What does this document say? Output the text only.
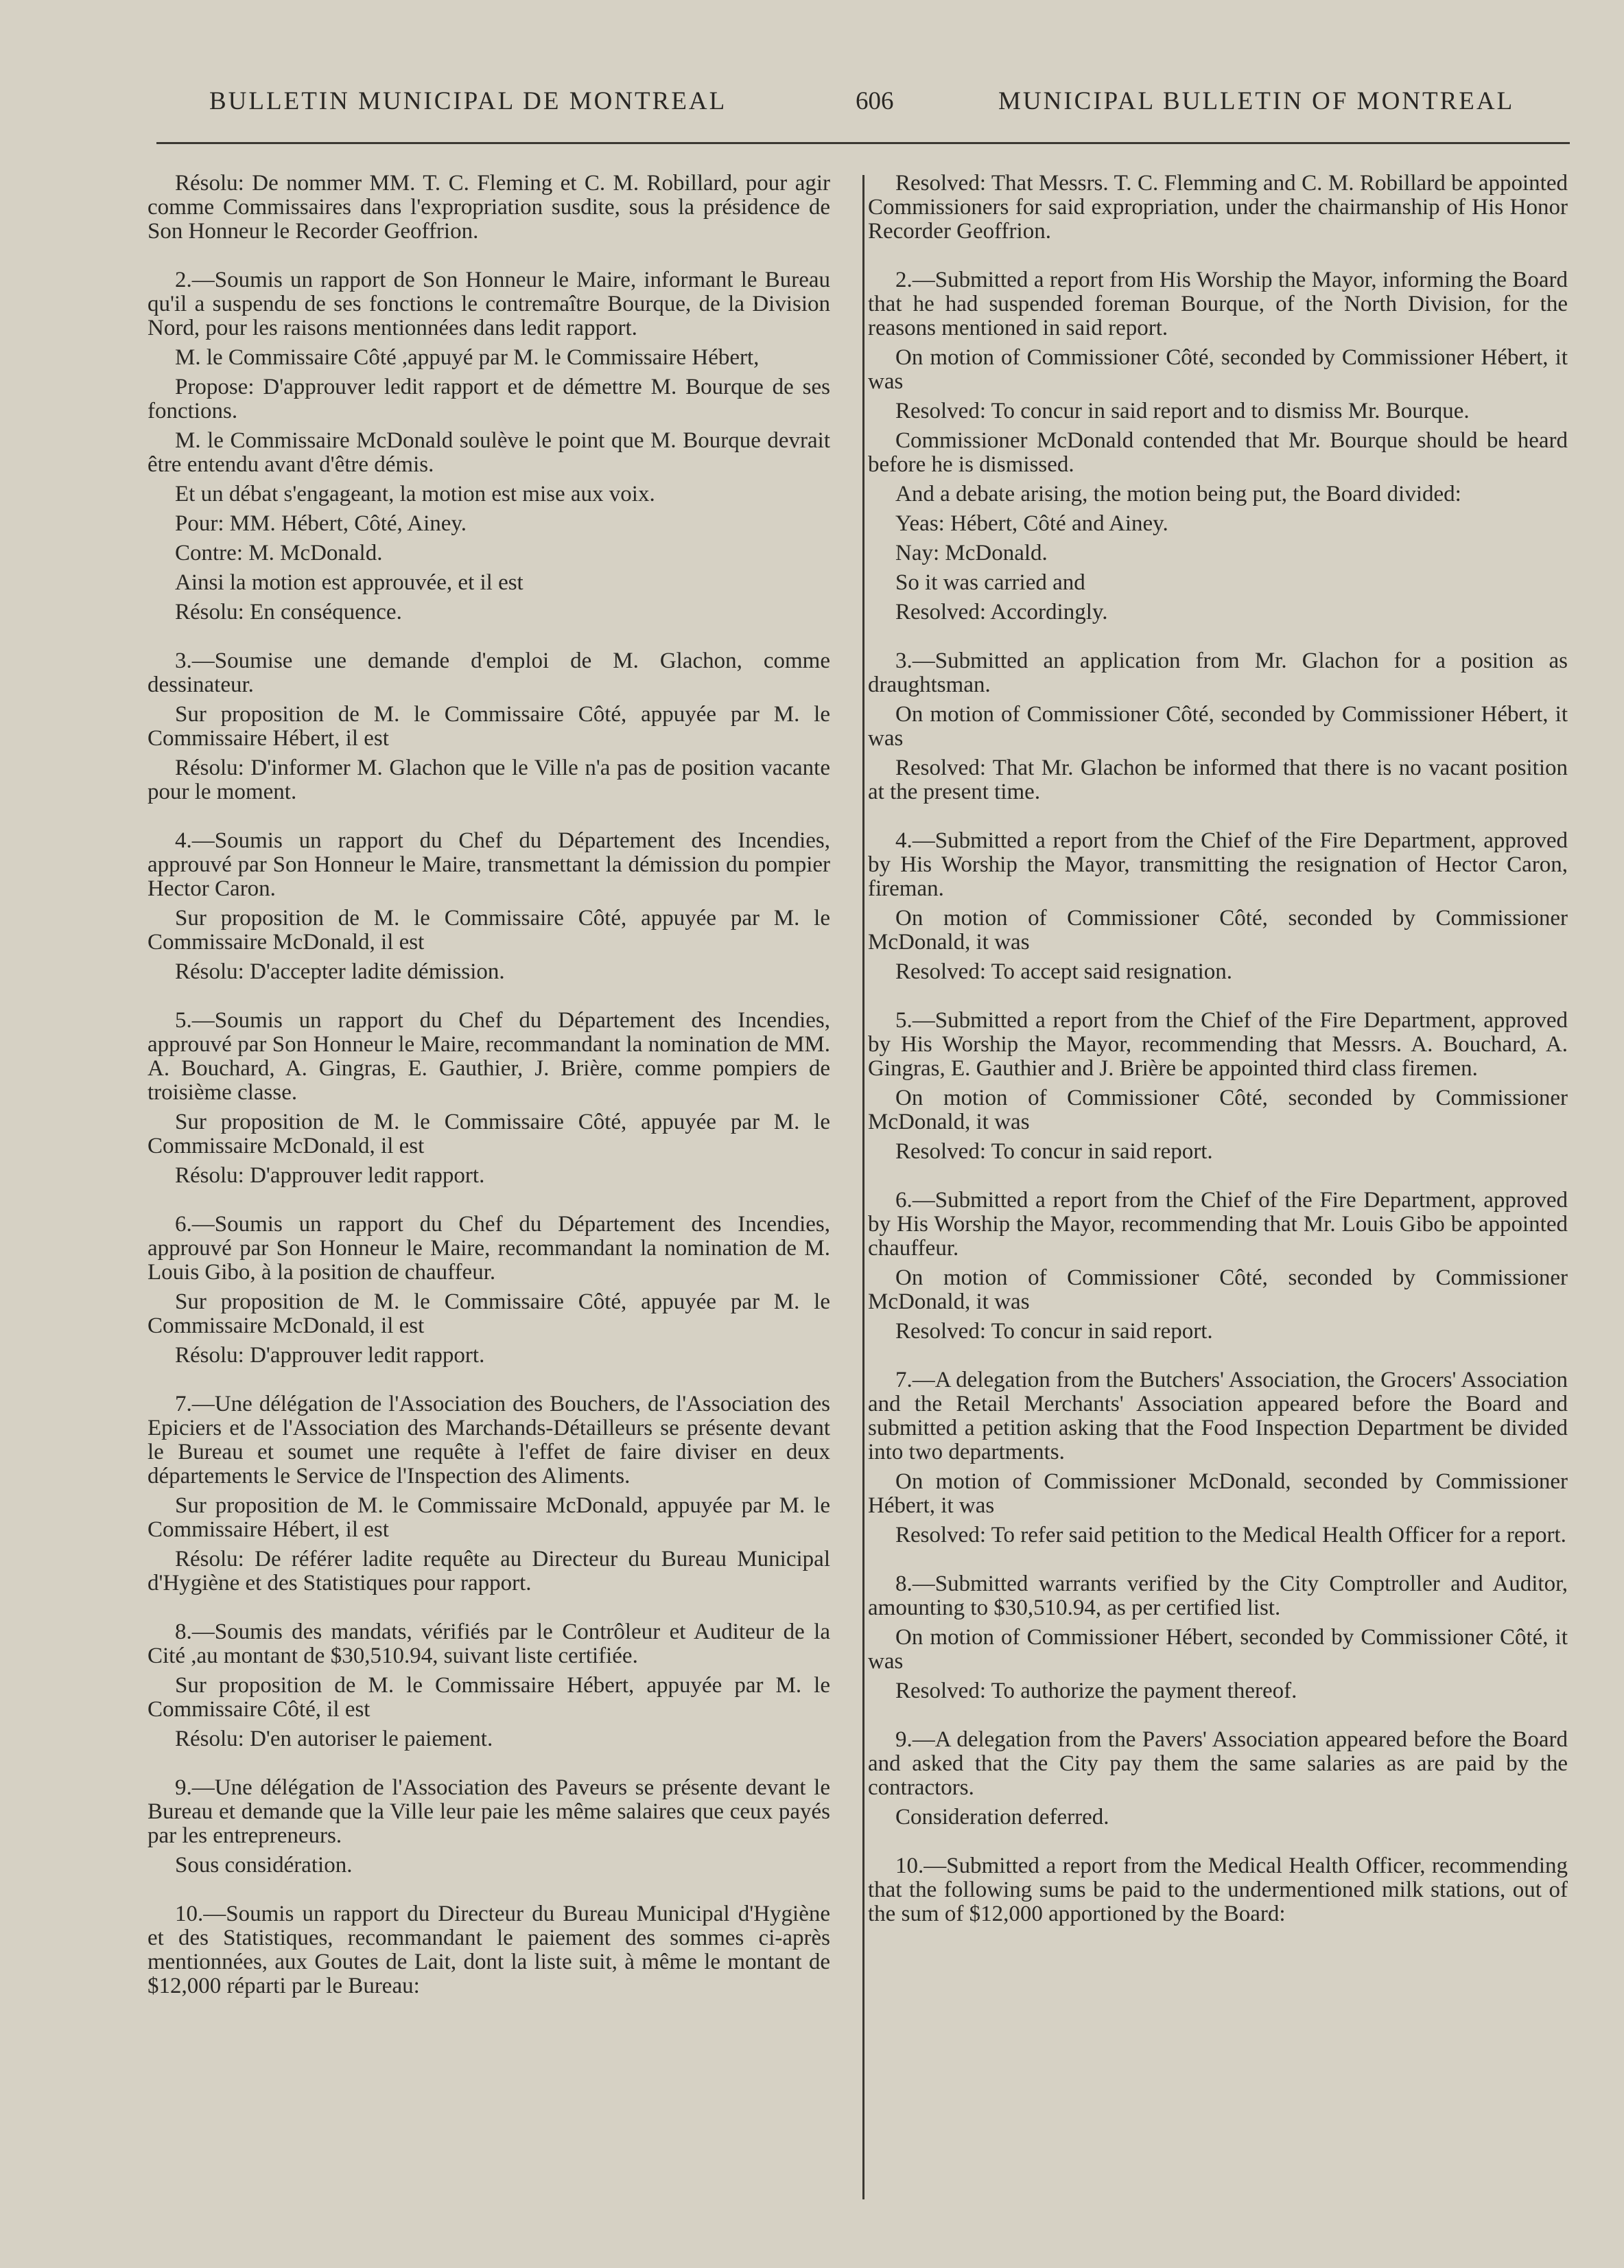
BULLETIN MUNICIPAL DE MONTREAL	606	MUNICIPAL BULLETIN OF MONTREAL

Résolu: De nommer MM. T. C. Fleming et C. M. Robillard, pour agir comme Commissaires dans l'expropriation susdite, sous la présidence de Son Honneur le Recorder Geoffrion.

2.—Soumis un rapport de Son Honneur le Maire, informant le Bureau qu'il a suspendu de ses fonctions le contremaître Bourque, de la Division Nord, pour les raisons mentionnées dans ledit rapport.

M. le Commissaire Côté ,appuyé par M. le Commissaire Hébert,

Propose: D'approuver ledit rapport et de démettre M. Bourque de ses fonctions.

M. le Commissaire McDonald soulève le point que M. Bourque devrait être entendu avant d'être démis.

Et un débat s'engageant, la motion est mise aux voix.

Pour: MM. Hébert, Côté, Ainey.

Contre: M. McDonald.

Ainsi la motion est approuvée, et il est

Résolu: En conséquence.

3.—Soumise une demande d'emploi de M. Glachon, comme dessinateur.

Sur proposition de M. le Commissaire Côté, appuyée par M. le Commissaire Hébert, il est

Résolu: D'informer M. Glachon que le Ville n'a pas de position vacante pour le moment.

4.—Soumis un rapport du Chef du Département des Incendies, approuvé par Son Honneur le Maire, transmettant la démission du pompier Hector Caron.

Sur proposition de M. le Commissaire Côté, appuyée par M. le Commissaire McDonald, il est

Résolu: D'accepter ladite démission.

5.—Soumis un rapport du Chef du Département des Incendies, approuvé par Son Honneur le Maire, recommandant la nomination de MM. A. Bouchard, A. Gingras, E. Gauthier, J. Brière, comme pompiers de troisième classe.

Sur proposition de M. le Commissaire Côté, appuyée par M. le Commissaire McDonald, il est

Résolu: D'approuver ledit rapport.

6.—Soumis un rapport du Chef du Département des Incendies, approuvé par Son Honneur le Maire, recommandant la nomination de M. Louis Gibo, à la position de chauffeur.

Sur proposition de M. le Commissaire Côté, appuyée par M. le Commissaire McDonald, il est

Résolu: D'approuver ledit rapport.

7.—Une délégation de l'Association des Bouchers, de l'Association des Epiciers et de l'Association des Marchands-Détailleurs se présente devant le Bureau et soumet une requête à l'effet de faire diviser en deux départements le Service de l'Inspection des Aliments.

Sur proposition de M. le Commissaire McDonald, appuyée par M. le Commissaire Hébert, il est

Résolu: De référer ladite requête au Directeur du Bureau Municipal d'Hygiène et des Statistiques pour rapport.

8.—Soumis des mandats, vérifiés par le Contrôleur et Auditeur de la Cité ,au montant de $30,510.94, suivant liste certifiée.

Sur proposition de M. le Commissaire Hébert, appuyée par M. le Commissaire Côté, il est

Résolu: D'en autoriser le paiement.

9.—Une délégation de l'Association des Paveurs se présente devant le Bureau et demande que la Ville leur paie les même salaires que ceux payés par les entrepreneurs.

Sous considération.

10.—Soumis un rapport du Directeur du Bureau Municipal d'Hygiène et des Statistiques, recommandant le paiement des sommes ci-après mentionnées, aux Goutes de Lait, dont la liste suit, à même le montant de $12,000 réparti par le Bureau:

Resolved: That Messrs. T. C. Flemming and C. M. Robillard be appointed Commissioners for said expropriation, under the chairmanship of His Honor Recorder Geoffrion.

2.—Submitted a report from His Worship the Mayor, informing the Board that he had suspended foreman Bourque, of the North Division, for the reasons mentioned in said report.

On motion of Commissioner Côté, seconded by Commissioner Hébert, it was

Resolved: To concur in said report and to dismiss Mr. Bourque.

Commissioner McDonald contended that Mr. Bourque should be heard before he is dismissed.

And a debate arising, the motion being put, the Board divided:

Yeas: Hébert, Côté and Ainey.

Nay: McDonald.

So it was carried and

Resolved: Accordingly.

3.—Submitted an application from Mr. Glachon for a position as draughtsman.

On motion of Commissioner Côté, seconded by Commissioner Hébert, it was

Resolved: That Mr. Glachon be informed that there is no vacant position at the present time.

4.—Submitted a report from the Chief of the Fire Department, approved by His Worship the Mayor, transmitting the resignation of Hector Caron, fireman.

On motion of Commissioner Côté, seconded by Commissioner McDonald, it was

Resolved: To accept said resignation.

5.—Submitted a report from the Chief of the Fire Department, approved by His Worship the Mayor, recommending that Messrs. A. Bouchard, A. Gingras, E. Gauthier and J. Brière be appointed third class firemen.

On motion of Commissioner Côté, seconded by Commissioner McDonald, it was

Resolved: To concur in said report.

6.—Submitted a report from the Chief of the Fire Department, approved by His Worship the Mayor, recommending that Mr. Louis Gibo be appointed chauffeur.

On motion of Commissioner Côté, seconded by Commissioner McDonald, it was

Resolved: To concur in said report.

7.—A delegation from the Butchers' Association, the Grocers' Association and the Retail Merchants' Association appeared before the Board and submitted a petition asking that the Food Inspection Department be divided into two departments.

On motion of Commissioner McDonald, seconded by Commissioner Hébert, it was

Resolved: To refer said petition to the Medical Health Officer for a report.

8.—Submitted warrants verified by the City Comptroller and Auditor, amounting to $30,510.94, as per certified list.

On motion of Commissioner Hébert, seconded by Commissioner Côté, it was

Resolved: To authorize the payment thereof.

9.—A delegation from the Pavers' Association appeared before the Board and asked that the City pay them the same salaries as are paid by the contractors.

Consideration deferred.

10.—Submitted a report from the Medical Health Officer, recommending that the following sums be paid to the undermentioned milk stations, out of the sum of $12,000 apportioned by the Board:
